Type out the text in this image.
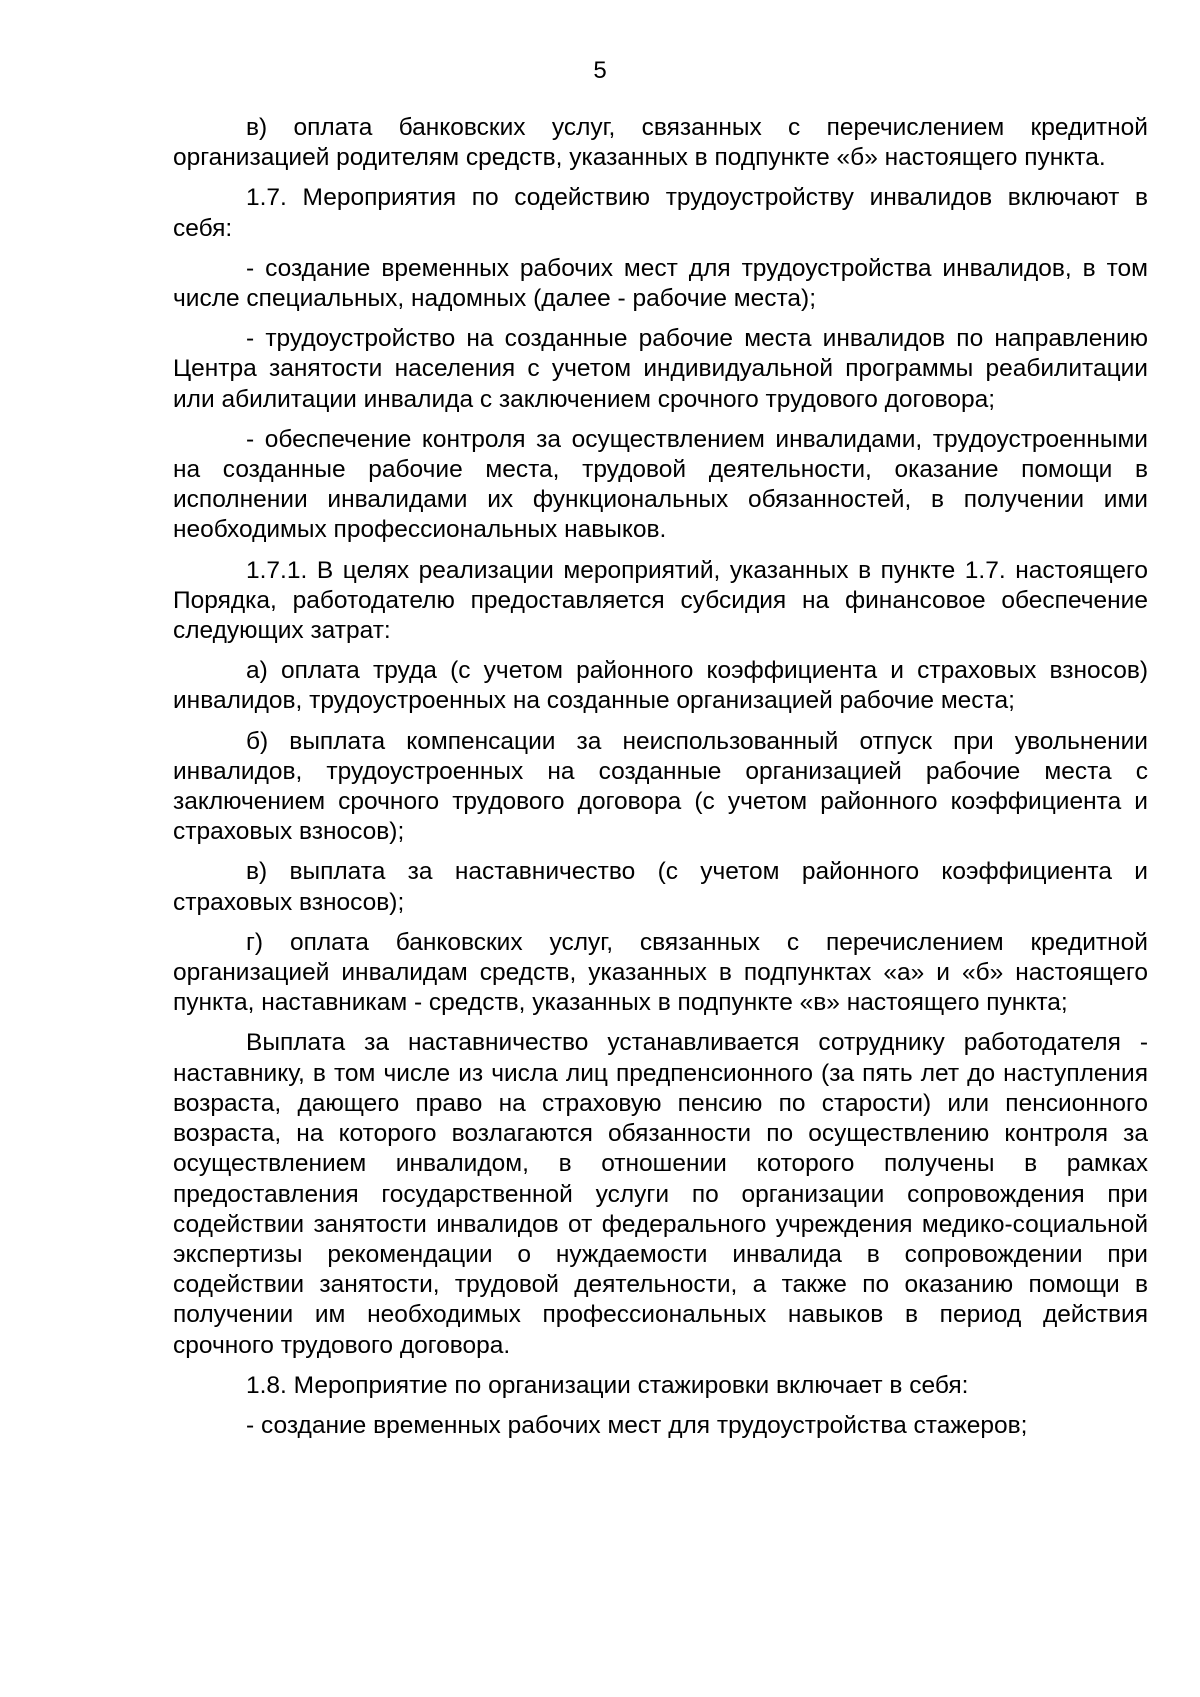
5

в) оплата банковских услуг, связанных с перечислением кредитной организацией родителям средств, указанных в подпункте «б» настоящего пункта.

1.7. Мероприятия по содействию трудоустройству инвалидов включают в себя:

- создание временных рабочих мест для трудоустройства инвалидов, в том числе специальных, надомных (далее - рабочие места);

- трудоустройство на созданные рабочие места инвалидов по направлению Центра занятости населения с учетом индивидуальной программы реабилитации или абилитации инвалида с заключением срочного трудового договора;

- обеспечение контроля за осуществлением инвалидами, трудоустроенными на созданные рабочие места, трудовой деятельности, оказание помощи в исполнении инвалидами их функциональных обязанностей, в получении ими необходимых профессиональных навыков.

1.7.1. В целях реализации мероприятий, указанных в пункте 1.7. настоящего Порядка, работодателю предоставляется субсидия на финансовое обеспечение следующих затрат:

а) оплата труда (с учетом районного коэффициента и страховых взносов) инвалидов, трудоустроенных на созданные организацией рабочие места;

б) выплата компенсации за неиспользованный отпуск при увольнении инвалидов, трудоустроенных на созданные организацией рабочие места с заключением срочного трудового договора (с учетом районного коэффициента и страховых взносов);

в) выплата за наставничество (с учетом районного коэффициента и страховых взносов);

г) оплата банковских услуг, связанных с перечислением кредитной организацией инвалидам средств, указанных в подпунктах «а» и «б» настоящего пункта, наставникам - средств, указанных в подпункте «в» настоящего пункта;

Выплата за наставничество устанавливается сотруднику работодателя - наставнику, в том числе из числа лиц предпенсионного (за пять лет до наступления возраста, дающего право на страховую пенсию по старости) или пенсионного возраста, на которого возлагаются обязанности по осуществлению контроля за осуществлением инвалидом, в отношении которого получены в рамках предоставления государственной услуги по организации сопровождения при содействии занятости инвалидов от федерального учреждения медико-социальной экспертизы рекомендации о нуждаемости инвалида в сопровождении при содействии занятости, трудовой деятельности, а также по оказанию помощи в получении им необходимых профессиональных навыков в период действия срочного трудового договора.

1.8. Мероприятие по организации стажировки включает в себя:

- создание временных рабочих мест для трудоустройства стажеров;
